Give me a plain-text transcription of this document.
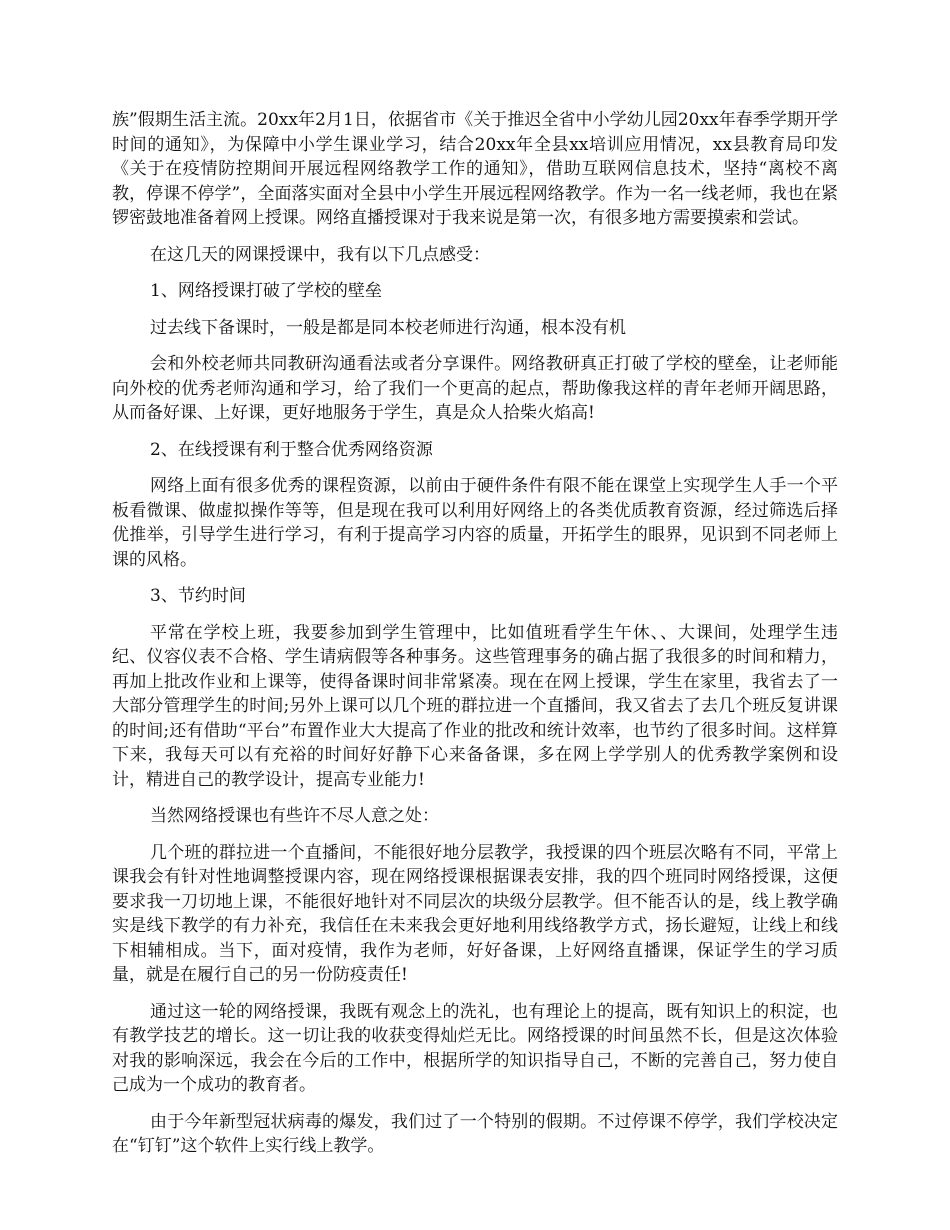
族”假期生活主流。20xx年2月1日，依据省市《关于推迟全省中小学幼儿园20xx年春季学期开学时间的通知》，为保障中小学生课业学习，结合20xx年全县xx培训应用情况，xx县教育局印发《关于在疫情防控期间开展远程网络教学工作的通知》，借助互联网信息技术，坚持“离校不离教，停课不停学”，全面落实面对全县中小学生开展远程网络教学。作为一名一线老师，我也在紧锣密鼓地准备着网上授课。网络直播授课对于我来说是第一次，有很多地方需要摸索和尝试。

在这几天的网课授课中，我有以下几点感受：

1、网络授课打破了学校的壁垒

过去线下备课时，一般是都是同本校老师进行沟通，根本没有机

会和外校老师共同教研沟通看法或者分享课件。网络教研真正打破了学校的壁垒，让老师能向外校的优秀老师沟通和学习，给了我们一个更高的起点，帮助像我这样的青年老师开阔思路，从而备好课、上好课，更好地服务于学生，真是众人拾柴火焰高!

2、在线授课有利于整合优秀网络资源

网络上面有很多优秀的课程资源，以前由于硬件条件有限不能在课堂上实现学生人手一个平板看微课、做虚拟操作等等，但是现在我可以利用好网络上的各类优质教育资源，经过筛选后择优推举，引导学生进行学习，有利于提高学习内容的质量，开拓学生的眼界，见识到不同老师上课的风格。

3、节约时间

平常在学校上班，我要参加到学生管理中，比如值班看学生午休、、大课间，处理学生违纪、仪容仪表不合格、学生请病假等各种事务。这些管理事务的确占据了我很多的时间和精力，再加上批改作业和上课等，使得备课时间非常紧凑。现在在网上授课，学生在家里，我省去了一大部分管理学生的时间;另外上课可以几个班的群拉进一个直播间，我又省去了去几个班反复讲课的时间;还有借助“平台”布置作业大大提高了作业的批改和统计效率，也节约了很多时间。这样算下来，我每天可以有充裕的时间好好静下心来备备课，多在网上学学别人的优秀教学案例和设计，精进自己的教学设计，提高专业能力!

当然网络授课也有些许不尽人意之处：

几个班的群拉进一个直播间，不能很好地分层教学，我授课的四个班层次略有不同，平常上课我会有针对性地调整授课内容，现在网络授课根据课表安排，我的四个班同时网络授课，这便要求我一刀切地上课，不能很好地针对不同层次的块级分层教学。但不能否认的是，线上教学确实是线下教学的有力补充，我信任在未来我会更好地利用线络教学方式，扬长避短，让线上和线下相辅相成。当下，面对疫情，我作为老师，好好备课，上好网络直播课，保证学生的学习质量，就是在履行自己的另一份防疫责任!

通过这一轮的网络授课，我既有观念上的洗礼，也有理论上的提高，既有知识上的积淀，也有教学技艺的增长。这一切让我的收获变得灿烂无比。网络授课的时间虽然不长，但是这次体验对我的影响深远，我会在今后的工作中，根据所学的知识指导自己，不断的完善自己，努力使自己成为一个成功的教育者。

由于今年新型冠状病毒的爆发，我们过了一个特别的假期。不过停课不停学，我们学校决定在“钉钉”这个软件上实行线上教学。
